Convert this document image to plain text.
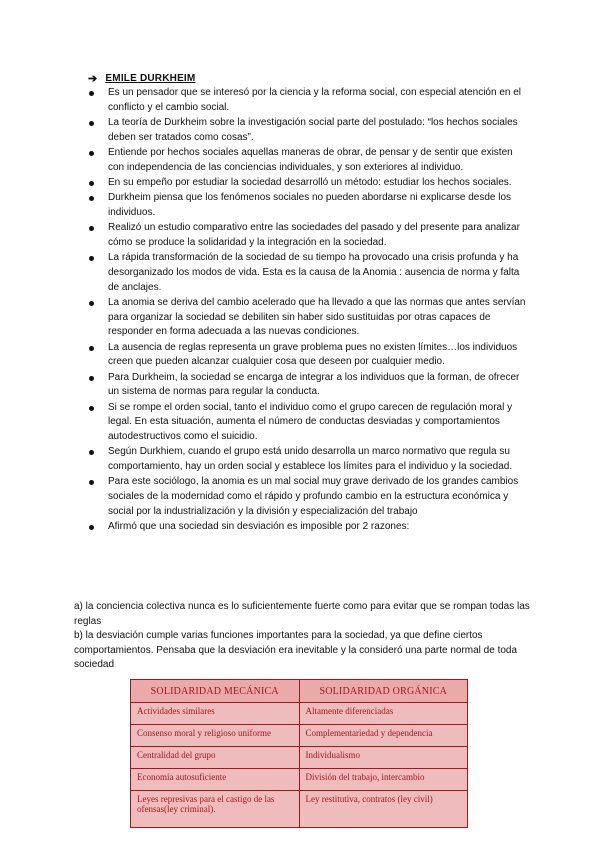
➔ EMILE DURKHEIM
Es un pensador que se interesó por la ciencia y la reforma social, con especial atención en el conflicto y el cambio social.
La teoría de Durkheim sobre la investigación social parte del postulado: “los hechos sociales deben ser tratados como cosas”.
Entiende por hechos sociales aquellas maneras de obrar, de pensar y de sentir que existen con independencia de las conciencias individuales, y son exteriores al individuo.
En su empeño por estudiar la sociedad desarrolló un método: estudiar los hechos sociales.
Durkheim piensa que los fenómenos sociales no pueden abordarse ni explicarse desde los individuos.
Realizó un estudio comparativo entre las sociedades del pasado y del presente para analizar cómo se produce la solidaridad y la integración en la sociedad.
La rápida transformación de la sociedad de su tiempo ha provocado una crisis profunda y ha desorganizado los modos de vida. Esta es la causa de la Anomia : ausencia de norma y falta de anclajes.
La anomia se deriva del cambio acelerado que ha llevado a que las normas que antes servían para organizar la sociedad se debiliten sin haber sido sustituidas por otras capaces de responder en forma adecuada a las nuevas condiciones.
La ausencia de reglas representa un grave problema pues no existen límites…los individuos creen que pueden alcanzar cualquier cosa que deseen por cualquier medio.
Para Durkheim, la sociedad se encarga de integrar a los individuos que la forman, de ofrecer un sistema de normas para regular la conducta.
Si se rompe el orden social, tanto el individuo como el grupo carecen de regulación moral y legal. En esta situación, aumenta el número de conductas desviadas y comportamientos autodestructivos como el suicidio.
Según Durkhiem, cuando el grupo está unido desarrolla un marco normativo que regula su comportamiento, hay un orden social y establece los límites para el individuo y la sociedad.
Para este sociólogo, la anomia es un mal social muy grave derivado de los grandes cambios sociales de la modernidad como el rápido y profundo cambio en la estructura económica y social por la industrialización y la división y especialización del trabajo
Afirmó que una sociedad sin desviación es imposible por 2 razones:

a) la conciencia colectiva nunca es lo suficientemente fuerte como para evitar que se rompan todas las reglas

b) la desviación cumple varias funciones importantes para la sociedad, ya que define ciertos comportamientos. Pensaba que la desviación era inevitable y la consideró una parte normal de toda sociedad

SOLIDARIDAD MECÁNICA	SOLIDARIDAD ORGÁNICA
Actividades similares	Altamente diferenciadas
Consenso moral y religioso uniforme	Complementariedad y dependencia
Centralidad del grupo	Individualismo
Economía autosuficiente	División del trabajo, intercambio

Leyes represivas para el castigo de las
ofensas(ley criminal).	Ley restitutiva, contratos (ley civil)
